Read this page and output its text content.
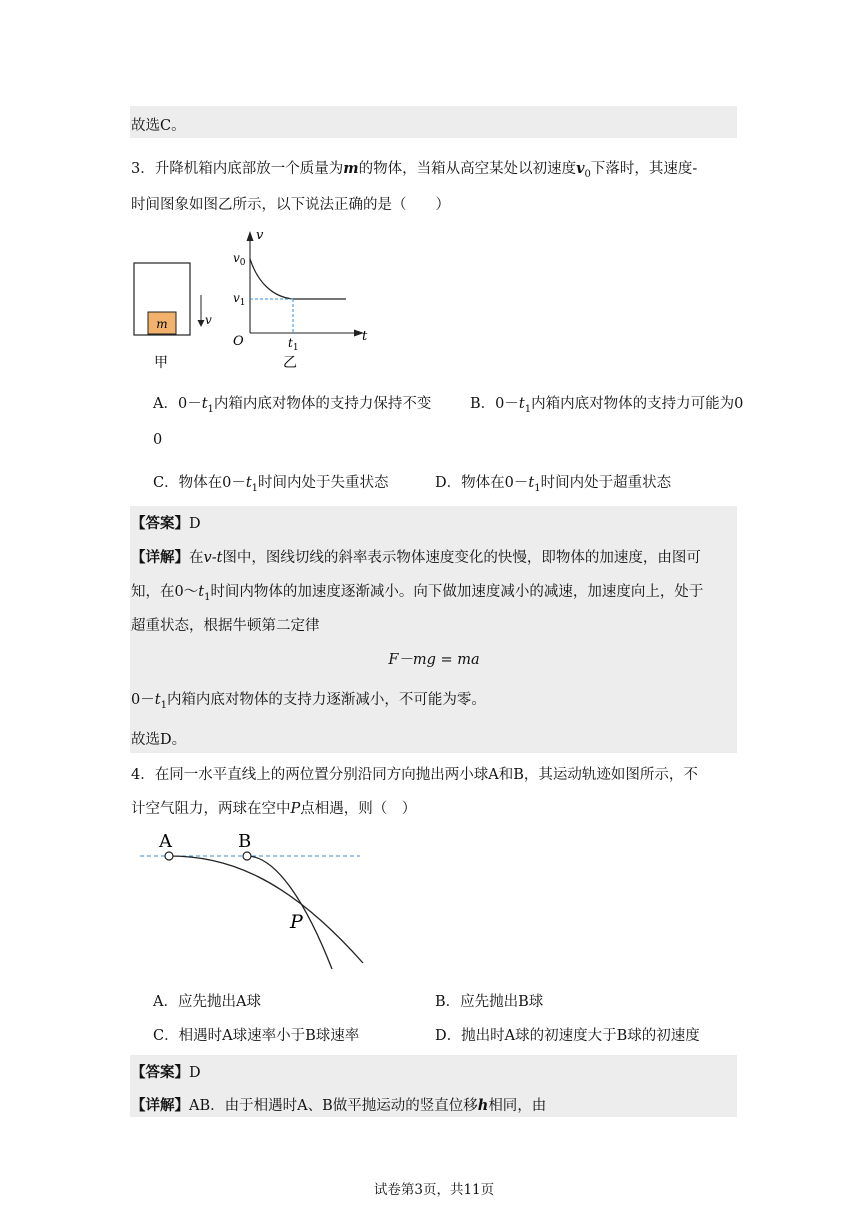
故选C。
3．升降机箱内底部放一个质量为m的物体，当箱从高空某处以初速度$v_0$下落时，其速度-
时间图象如图乙所示，以下说法正确的是（　　）
m	v
甲
v
t
O
$v_0$
$v_1$
$t_1$
乙
A．$0-t_1$内箱内底对物体的支持力保持不变	B．$0-t_1$内箱内底对物体的支持力可能为0
0
C．物体在$0-t_1$时间内处于失重状态	D．物体在$0-t_1$时间内处于超重状态
【答案】D
【详解】在v-t图中，图线切线的斜率表示物体速度变化的快慢，即物体的加速度，由图可
知，在$0\sim t_1$时间内物体的加速度逐渐减小。向下做加速度减小的减速，加速度向上，处于
超重状态，根据牛顿第二定律
F－mg = ma
$0-t_1$内箱内底对物体的支持力逐渐减小，不可能为零。
故选D。
4．在同一水平直线上的两位置分别沿同方向抛出两小球A和B，其运动轨迹如图所示，不
计空气阻力，两球在空中P点相遇，则（　）
A	B
P
A．应先抛出A球	B．应先抛出B球
C．相遇时A球速率小于B球速率	D．抛出时A球的初速度大于B球的初速度
【答案】D
【详解】AB．由于相遇时A、B做平抛运动的竖直位移h相同，由
试卷第3页，共11页
